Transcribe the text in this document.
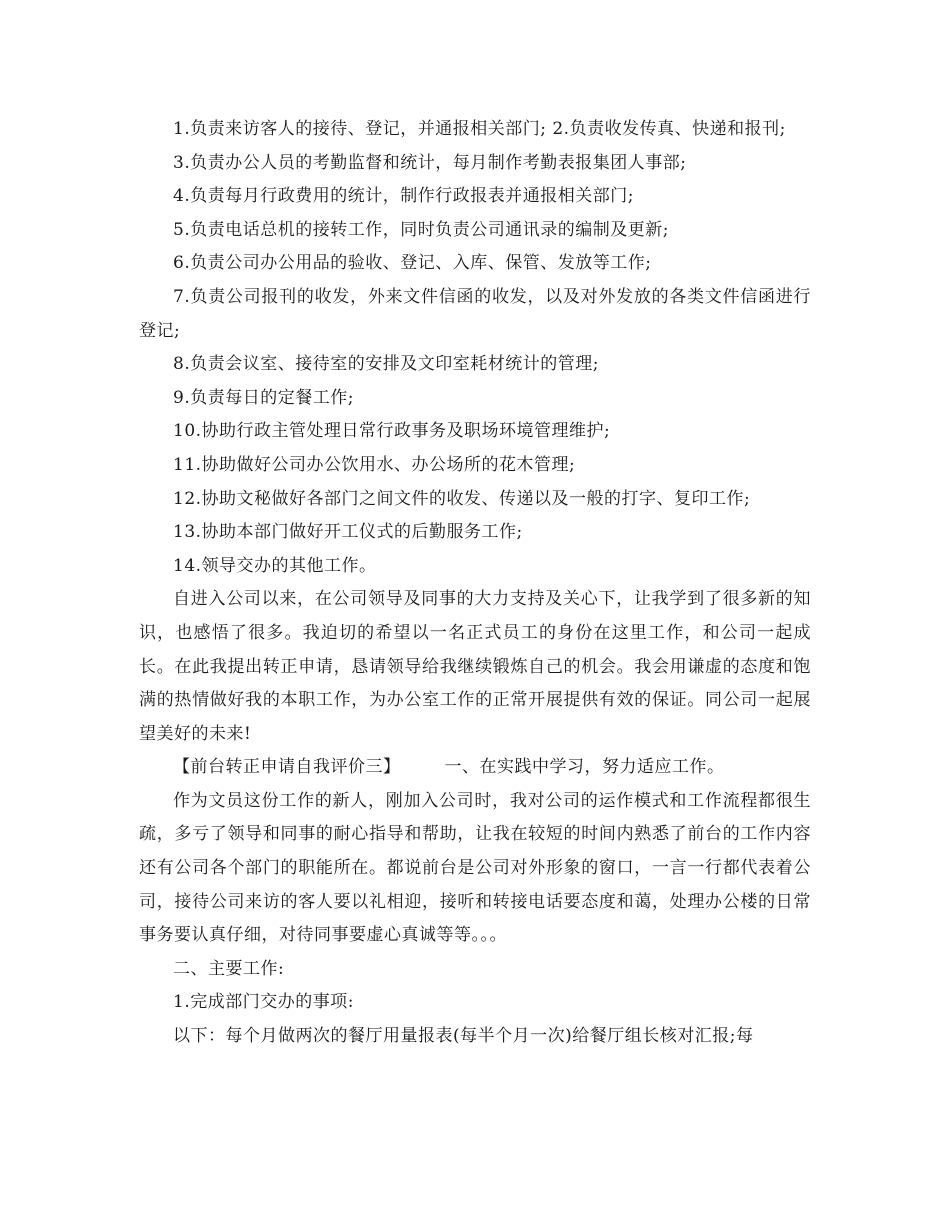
1.负责来访客人的接待、登记，并通报相关部门; 2.负责收发传真、快递和报刊;

3.负责办公人员的考勤监督和统计，每月制作考勤表报集团人事部;

4.负责每月行政费用的统计，制作行政报表并通报相关部门;

5.负责电话总机的接转工作，同时负责公司通讯录的编制及更新;

6.负责公司办公用品的验收、登记、入库、保管、发放等工作;

7.负责公司报刊的收发，外来文件信函的收发，以及对外发放的各类文件信函进行登记;

8.负责会议室、接待室的安排及文印室耗材统计的管理;

9.负责每日的定餐工作;

10.协助行政主管处理日常行政事务及职场环境管理维护;

11.协助做好公司办公饮用水、办公场所的花木管理;

12.协助文秘做好各部门之间文件的收发、传递以及一般的打字、复印工作;

13.协助本部门做好开工仪式的后勤服务工作;

14.领导交办的其他工作。

自进入公司以来，在公司领导及同事的大力支持及关心下，让我学到了很多新的知识，也感悟了很多。我迫切的希望以一名正式员工的身份在这里工作，和公司一起成长。在此我提出转正申请，恳请领导给我继续锻炼自己的机会。我会用谦虚的态度和饱满的热情做好我的本职工作，为办公室工作的正常开展提供有效的保证。同公司一起展望美好的未来!

【前台转正申请自我评价三】	一、在实践中学习，努力适应工作。

作为文员这份工作的新人，刚加入公司时，我对公司的运作模式和工作流程都很生疏，多亏了领导和同事的耐心指导和帮助，让我在较短的时间内熟悉了前台的工作内容还有公司各个部门的职能所在。都说前台是公司对外形象的窗口，一言一行都代表着公司，接待公司来访的客人要以礼相迎，接听和转接电话要态度和蔼，处理办公楼的日常事务要认真仔细，对待同事要虚心真诚等等。。。

二、主要工作:

1.完成部门交办的事项:

以下：每个月做两次的餐厅用量报表(每半个月一次)给餐厅组长核对汇报;每
